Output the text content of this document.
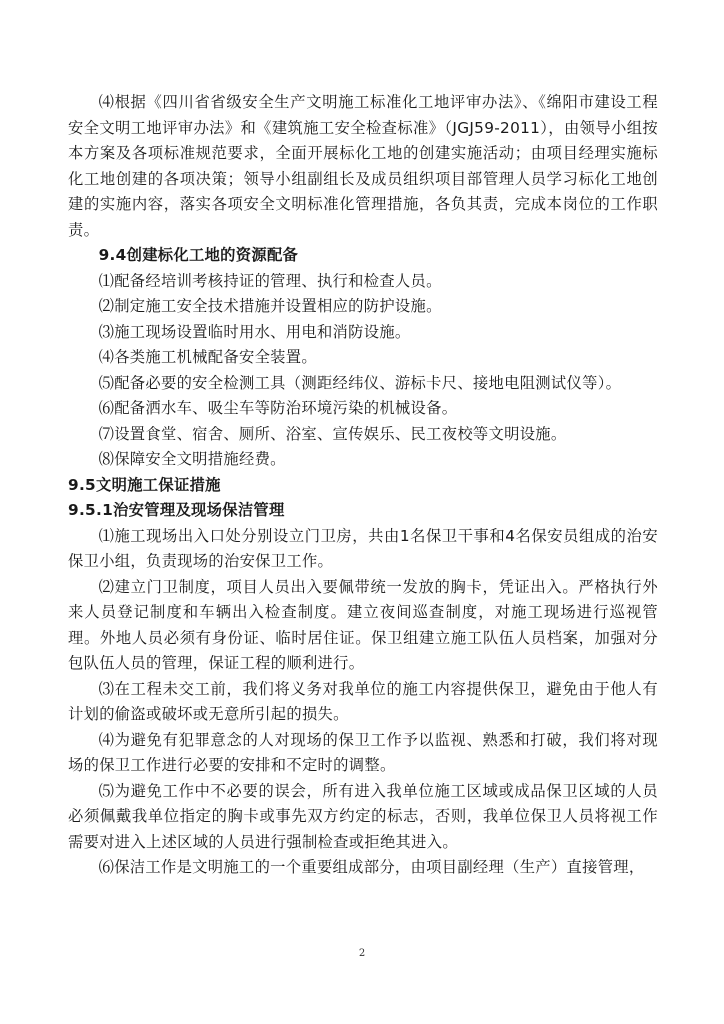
⑷根据《四川省省级安全生产文明施工标准化工地评审办法》、《绵阳市建设工程安全文明工地评审办法》和《建筑施工安全检查标准》（JGJ59-2011），由领导小组按本方案及各项标准规范要求，全面开展标化工地的创建实施活动；由项目经理实施标化工地创建的各项决策；领导小组副组长及成员组织项目部管理人员学习标化工地创建的实施内容，落实各项安全文明标准化管理措施，各负其责，完成本岗位的工作职责。

9.4创建标化工地的资源配备

⑴配备经培训考核持证的管理、执行和检查人员。

⑵制定施工安全技术措施并设置相应的防护设施。

⑶施工现场设置临时用水、用电和消防设施。

⑷各类施工机械配备安全装置。

⑸配备必要的安全检测工具（测距经纬仪、游标卡尺、接地电阻测试仪等）。

⑹配备洒水车、吸尘车等防治环境污染的机械设备。

⑺设置食堂、宿舍、厕所、浴室、宣传娱乐、民工夜校等文明设施。

⑻保障安全文明措施经费。

9.5文明施工保证措施

9.5.1治安管理及现场保洁管理

⑴施工现场出入口处分别设立门卫房，共由1名保卫干事和4名保安员组成的治安保卫小组，负责现场的治安保卫工作。

⑵建立门卫制度，项目人员出入要佩带统一发放的胸卡，凭证出入。严格执行外来人员登记制度和车辆出入检查制度。建立夜间巡查制度，对施工现场进行巡视管理。外地人员必须有身份证、临时居住证。保卫组建立施工队伍人员档案，加强对分包队伍人员的管理，保证工程的顺利进行。

⑶在工程未交工前，我们将义务对我单位的施工内容提供保卫，避免由于他人有计划的偷盗或破坏或无意所引起的损失。

⑷为避免有犯罪意念的人对现场的保卫工作予以监视、熟悉和打破，我们将对现场的保卫工作进行必要的安排和不定时的调整。

⑸为避免工作中不必要的误会，所有进入我单位施工区域或成品保卫区域的人员必须佩戴我单位指定的胸卡或事先双方约定的标志，否则，我单位保卫人员将视工作需要对进入上述区域的人员进行强制检查或拒绝其进入。

⑹保洁工作是文明施工的一个重要组成部分，由项目副经理（生产）直接管理，

2
